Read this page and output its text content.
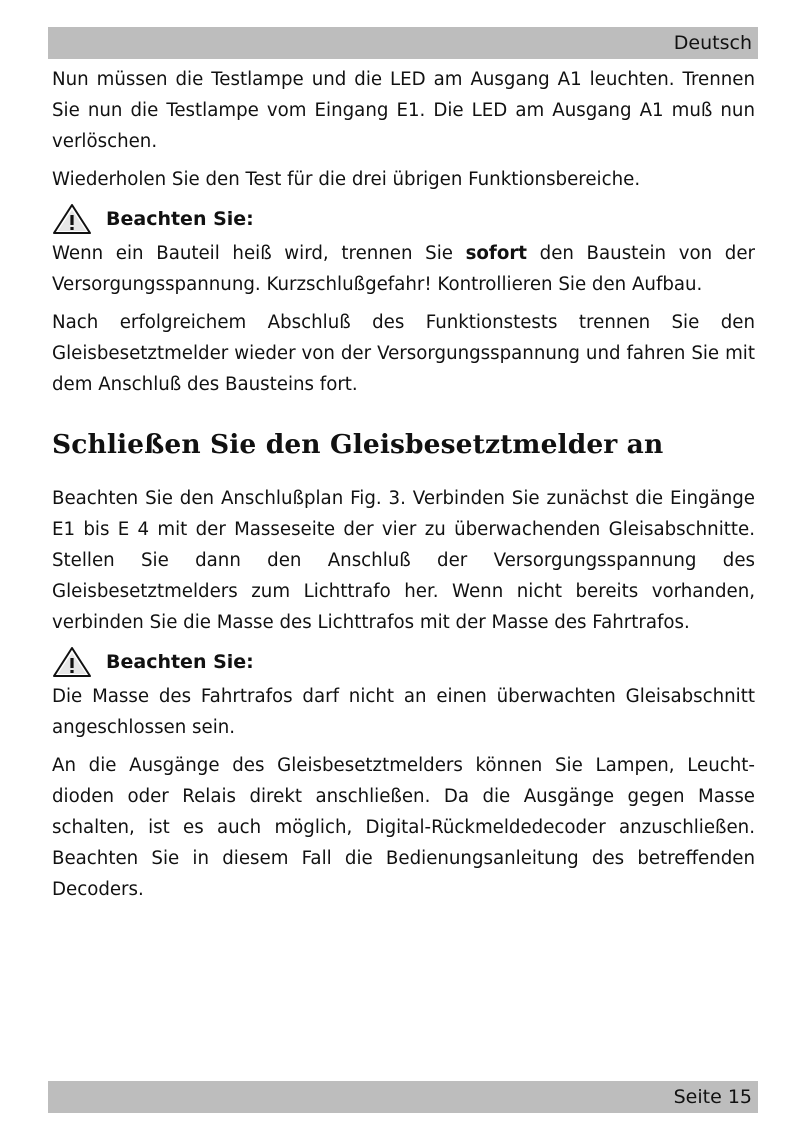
Deutsch

Nun müssen die Testlampe und die LED am Ausgang A1 leuchten. Trennen Sie nun die Testlampe vom Eingang E1. Die LED am Ausgang A1 muß nun verlöschen.

Wiederholen Sie den Test für die drei übrigen Funktionsbereiche.

Beachten Sie:

Wenn ein Bauteil heiß wird, trennen Sie sofort den Baustein von der Versorgungsspannung. Kurzschlußgefahr! Kontrollieren Sie den Aufbau.

Nach erfolgreichem Abschluß des Funktionstests trennen Sie den Gleisbesetztmelder wieder von der Versorgungsspannung und fahren Sie mit dem Anschluß des Bausteins fort.

Schließen Sie den Gleisbesetztmelder an

Beachten Sie den Anschlußplan Fig. 3. Verbinden Sie zunächst die Eingänge E1 bis E 4 mit der Masseseite der vier zu überwachenden Gleisabschnitte. Stellen Sie dann den Anschluß der Versorgungsspannung des Gleisbesetztmelders zum Lichttrafo her. Wenn nicht bereits vorhanden, verbinden Sie die Masse des Lichttrafos mit der Masse des Fahrtrafos.

Beachten Sie:

Die Masse des Fahrtrafos darf nicht an einen überwachten Gleisabschnitt angeschlossen sein.

An die Ausgänge des Gleisbesetztmelders können Sie Lampen, Leuchtdioden oder Relais direkt anschließen. Da die Ausgänge gegen Masse schalten, ist es auch möglich, Digital-Rückmeldedecoder anzuschließen. Beachten Sie in diesem Fall die Bedienungsanleitung des betreffenden Decoders.

Seite 15
